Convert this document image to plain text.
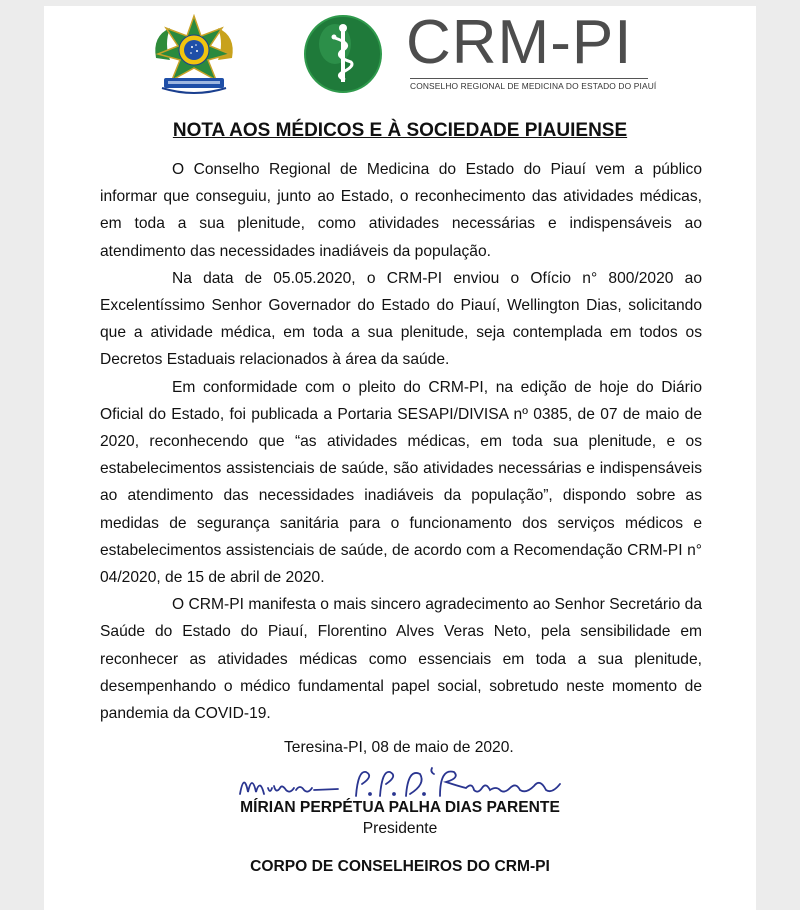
CRM-PI
CONSELHO REGIONAL DE MEDICINA DO ESTADO DO PIAUÍ
NOTA AOS MÉDICOS E À SOCIEDADE PIAUIENSE

O Conselho Regional de Medicina do Estado do Piauí vem a público informar que conseguiu, junto ao Estado, o reconhecimento das atividades médicas, em toda a sua plenitude, como atividades necessárias e indispensáveis ao atendimento das necessidades inadiáveis da população.

Na data de 05.05.2020, o CRM-PI enviou o Ofício n° 800/2020 ao Excelentíssimo Senhor Governador do Estado do Piauí, Wellington Dias, solicitando que a atividade médica, em toda a sua plenitude, seja contemplada em todos os Decretos Estaduais relacionados à área da saúde.

Em conformidade com o pleito do CRM-PI, na edição de hoje do Diário Oficial do Estado, foi publicada a Portaria SESAPI/DIVISA nº 0385, de 07 de maio de 2020, reconhecendo que “as atividades médicas, em toda sua plenitude, e os estabelecimentos assistenciais de saúde, são atividades necessárias e indispensáveis ao atendimento das necessidades inadiáveis da população”, dispondo sobre as medidas de segurança sanitária para o funcionamento dos serviços médicos e estabelecimentos assistenciais de saúde, de acordo com a Recomendação CRM-PI n° 04/2020, de 15 de abril de 2020.

O CRM-PI manifesta o mais sincero agradecimento ao Senhor Secretário da Saúde do Estado do Piauí, Florentino Alves Veras Neto, pela sensibilidade em reconhecer as atividades médicas como essenciais em toda a sua plenitude, desempenhando o médico fundamental papel social, sobretudo neste momento de pandemia da COVID-19.

Teresina-PI, 08 de maio de 2020.
MÍRIAN PERPÉTUA PALHA DIAS PARENTE
Presidente
CORPO DE CONSELHEIROS DO CRM-PI
